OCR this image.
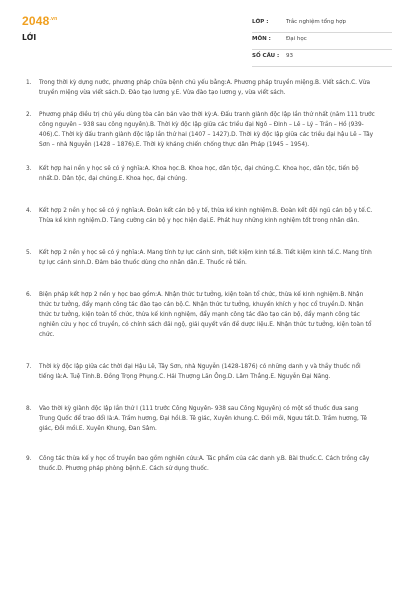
$2048^{.vn}$
LỚI
LỚP :	Trắc nghiệm tổng hợp
MÔN :	Đại học
SỐ CÂU : 93
1. Trong thời kỳ dựng nước, phương pháp chữa bệnh chủ yếu bằng:A. Phương pháp truyền miệng.B. Viết sách.C. Vừa truyền miệng vừa viết sách.D. Đào tạo lương y.E. Vừa đào tạo lương y, vừa viết sách.
2. Phương pháp điều trị chủ yếu dùng tòa căn bản vào thời kỳ:A. Đấu tranh giành độc lập lần thứ nhất (năm 111 trước công nguyên – 938 sau công nguyên).B. Thời kỳ độc lập giữa các triều đại Ngô – Đinh – Lê – Lý – Trần – Hồ (939-406).C. Thời kỳ đấu tranh giành độc lập lần thứ hai (1407 – 1427).D. Thời kỳ độc lập giữa các triều đại hậu Lê – Tây Sơn – nhà Nguyễn (1428 – 1876).E. Thời kỳ kháng chiến chống thực dân Pháp (1945 – 1954).
3. Kết hợp hai nền y học sẽ có ý nghĩa:A. Khoa học.B. Khoa học, dân tộc, đại chúng.C. Khoa học, dân tộc, tiến bộ nhất.D. Dân tộc, đại chúng.E. Khoa học, đại chúng.
4. Kết hợp 2 nền y học sẽ có ý nghĩa:A. Đoàn kết cán bộ y tế, thừa kế kinh nghiệm.B. Đoàn kết đội ngũ cán bộ y tế.C. Thừa kế kinh nghiệm.D. Tăng cường cán bộ y học hiện đại.E. Phát huy những kinh nghiệm tốt trong nhân dân.
5. Kết hợp 2 nền y học sẽ có ý nghĩa:A. Mang tính tự lực cánh sinh, tiết kiệm kinh tế.B. Tiết kiệm kinh tế.C. Mang tính tự lực cánh sinh.D. Đảm bảo thuốc dùng cho nhân dân.E. Thuốc rẻ tiền.
6. Biện pháp kết hợp 2 nền y học bao gồm:A. Nhận thức tư tưởng, kiện toàn tổ chức, thừa kế kinh nghiệm.B. Nhận thức tư tưởng, đẩy mạnh công tác đào tạo cán bộ.C. Nhận thức tư tưởng, khuyến khích y học cổ truyền.D. Nhận thức tư tưởng, kiện toàn tổ chức, thừa kế kinh nghiệm, đẩy mạnh công tác đào tạo cán bộ, đẩy mạnh công tác nghiên cứu y học cổ truyền, có chính sách đãi ngộ, giải quyết vấn đề dược liệu.E. Nhận thức tư tưởng, kiện toàn tổ chức.
7. Thời kỳ độc lập giữa các thời đại Hậu Lê, Tây Sơn, nhà Nguyễn (1428-1876) có những danh y và thầy thuốc nổi tiếng là:A. Tuệ Tĩnh.B. Đồng Trọng Phụng.C. Hải Thượng Lãn Ông.D. Lâm Thắng.E. Nguyễn Đại Năng.
8. Vào thời kỳ giành độc lập lần thứ I (111 trước Công Nguyên- 938 sau Công Nguyên) có một số thuốc đưa sang Trung Quốc để trao đổi là:A. Trầm hương, Đại hồi.B. Tê giác, Xuyên khung.C. Đồi mồi, Ngưu tất.D. Trầm hương, Tê giác, Đồi mồi.E. Xuyên Khung, Đan Sâm.
9. Công tác thừa kế y học cổ truyền bao gồm nghiên cứu:A. Tác phẩm của các danh y.B. Bài thuốc.C. Cách trồng cây thuốc.D. Phương pháp phòng bệnh.E. Cách sử dụng thuốc.
